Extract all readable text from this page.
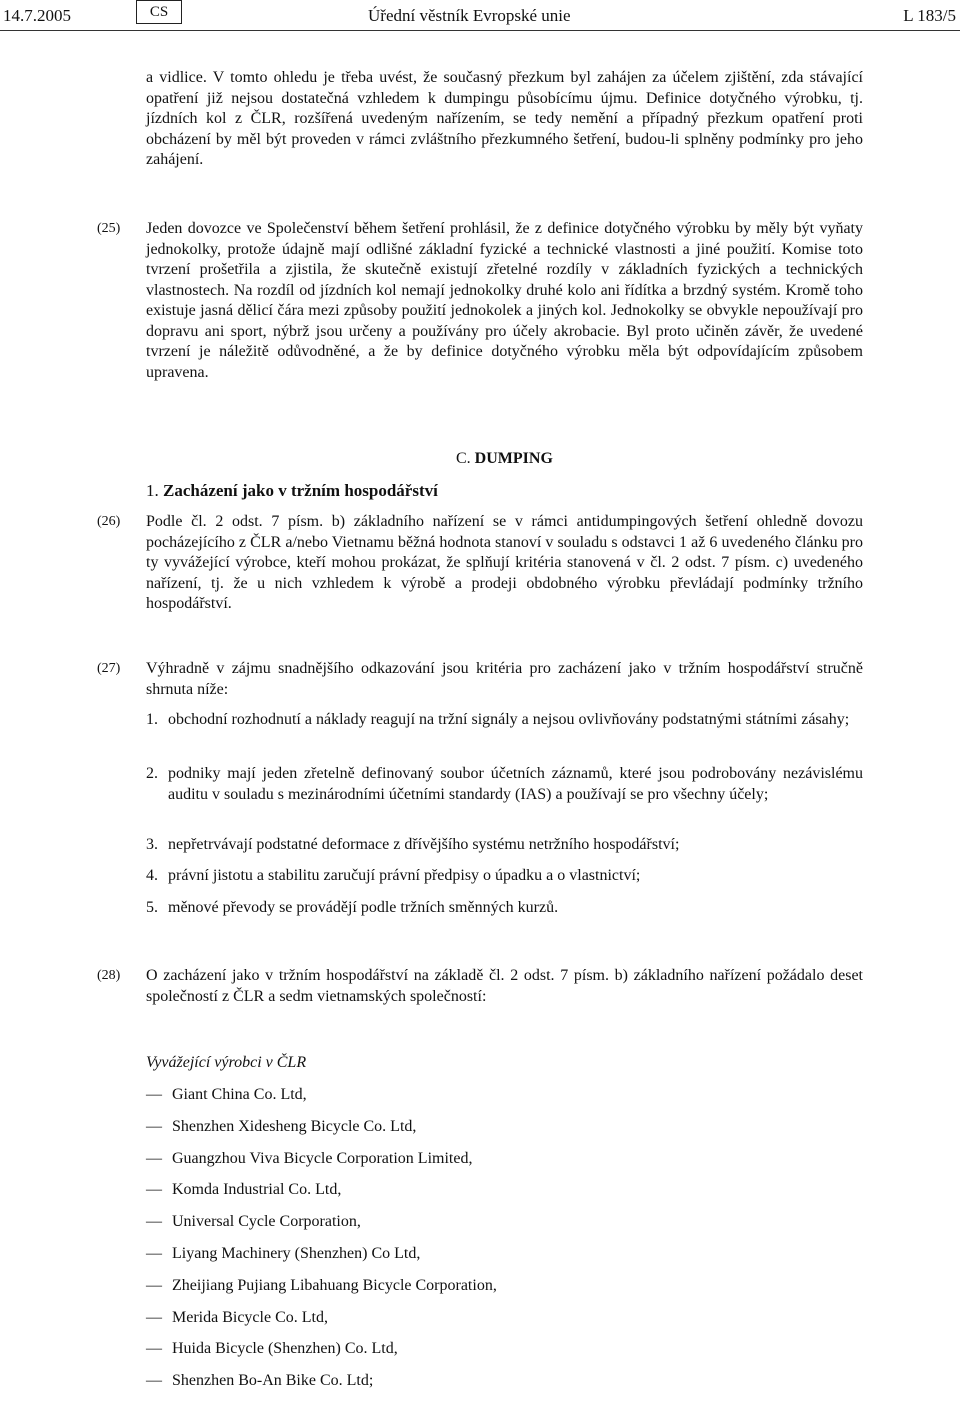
14.7.2005	CS	Úřední věstník Evropské unie	L 183/5

a vidlice. V tomto ohledu je třeba uvést, že současný přezkum byl zahájen za účelem zjištění, zda stávající opatření již nejsou dostatečná vzhledem k dumpingu působícímu újmu. Definice dotyčného výrobku, tj. jízdních kol z ČLR, rozšířená uvedeným nařízením, se tedy nemění a případný přezkum opatření proti obcházení by měl být proveden v rámci zvláštního přezkumného šetření, budou-li splněny podmínky pro jeho zahájení.

(25) Jeden dovozce ve Společenství během šetření prohlásil, že z definice dotyčného výrobku by měly být vyňaty jednokolky, protože údajně mají odlišné základní fyzické a technické vlastnosti a jiné použití. Komise toto tvrzení prošetřila a zjistila, že skutečně existují zřetelné rozdíly v základních fyzických a technických vlastnostech. Na rozdíl od jízdních kol nemají jednokolky druhé kolo ani řídítka a brzdný systém. Kromě toho existuje jasná dělicí čára mezi způsoby použití jednokolek a jiných kol. Jednokolky se obvykle nepoužívají pro dopravu ani sport, nýbrž jsou určeny a používány pro účely akrobacie. Byl proto učiněn závěr, že uvedené tvrzení je náležitě odůvodněné, a že by definice dotyčného výrobku měla být odpovídajícím způsobem upravena.
C. DUMPING
1. Zacházení jako v tržním hospodářství
(26) Podle čl. 2 odst. 7 písm. b) základního nařízení se v rámci antidumpingových šetření ohledně dovozu pocházejícího z ČLR a/nebo Vietnamu běžná hodnota stanoví v souladu s odstavci 1 až 6 uvedeného článku pro ty vyvážející výrobce, kteří mohou prokázat, že splňují kritéria stanovená v čl. 2 odst. 7 písm. c) uvedeného nařízení, tj. že u nich vzhledem k výrobě a prodeji obdobného výrobku převládají podmínky tržního hospodářství.
(27) Výhradně v zájmu snadnějšího odkazování jsou kritéria pro zacházení jako v tržním hospodářství stručně shrnuta níže:
1. obchodní rozhodnutí a náklady reagují na tržní signály a nejsou ovlivňovány podstatnými státními zásahy;
2. podniky mají jeden zřetelně definovaný soubor účetních záznamů, které jsou podrobovány nezávislému auditu v souladu s mezinárodními účetními standardy (IAS) a používají se pro všechny účely;
3. nepřetrvávají podstatné deformace z dřívějšího systému netržního hospodářství;
4. právní jistotu a stabilitu zaručují právní předpisy o úpadku a o vlastnictví;
5. měnové převody se provádějí podle tržních směnných kurzů.
(28) O zacházení jako v tržním hospodářství na základě čl. 2 odst. 7 písm. b) základního nařízení požádalo deset společností z ČLR a sedm vietnamských společností:
Vyvážející výrobci v ČLR
— Giant China Co. Ltd,
— Shenzhen Xidesheng Bicycle Co. Ltd,
— Guangzhou Viva Bicycle Corporation Limited,
— Komda Industrial Co. Ltd,
— Universal Cycle Corporation,
— Liyang Machinery (Shenzhen) Co Ltd,
— Zheijiang Pujiang Libahuang Bicycle Corporation,
— Merida Bicycle Co. Ltd,
— Huida Bicycle (Shenzhen) Co. Ltd,
— Shenzhen Bo-An Bike Co. Ltd;
